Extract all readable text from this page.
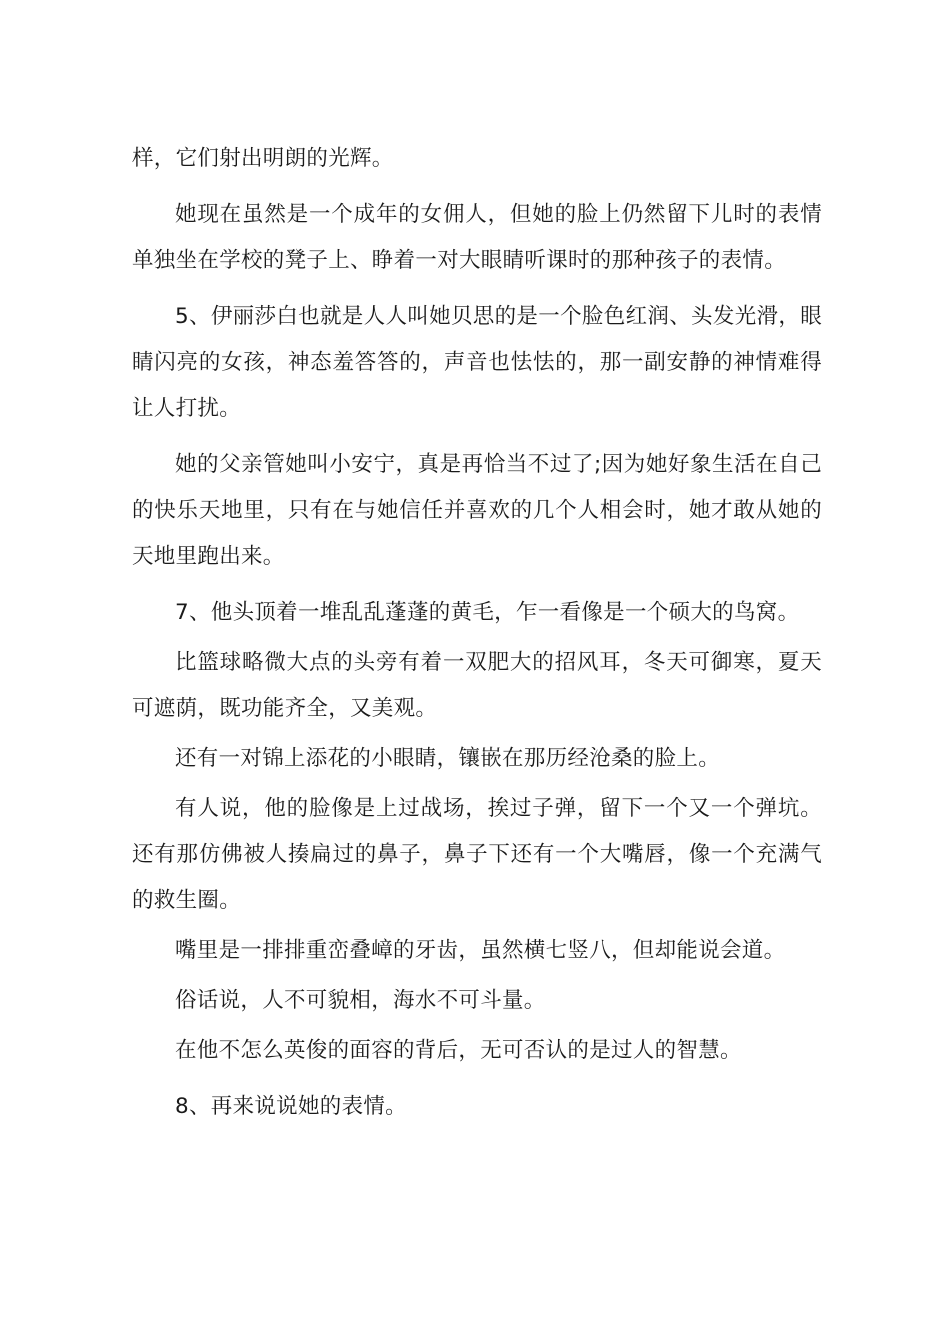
样，它们射出明朗的光辉。

她现在虽然是一个成年的女佣人，但她的脸上仍然留下儿时的表情单独坐在学校的凳子上、睁着一对大眼睛听课时的那种孩子的表情。

5、伊丽莎白也就是人人叫她贝思的是一个脸色红润、头发光滑，眼睛闪亮的女孩，神态羞答答的，声音也怯怯的，那一副安静的神情难得让人打扰。

她的父亲管她叫小安宁，真是再恰当不过了;因为她好象生活在自己的快乐天地里，只有在与她信任并喜欢的几个人相会时，她才敢从她的天地里跑出来。

7、他头顶着一堆乱乱蓬蓬的黄毛，乍一看像是一个硕大的鸟窝。

比篮球略微大点的头旁有着一双肥大的招风耳，冬天可御寒，夏天可遮荫，既功能齐全，又美观。

还有一对锦上添花的小眼睛，镶嵌在那历经沧桑的脸上。

有人说，他的脸像是上过战场，挨过子弹，留下一个又一个弹坑。还有那仿佛被人揍扁过的鼻子，鼻子下还有一个大嘴唇，像一个充满气的救生圈。

嘴里是一排排重峦叠嶂的牙齿，虽然横七竖八，但却能说会道。

俗话说，人不可貌相，海水不可斗量。

在他不怎么英俊的面容的背后，无可否认的是过人的智慧。

8、再来说说她的表情。
